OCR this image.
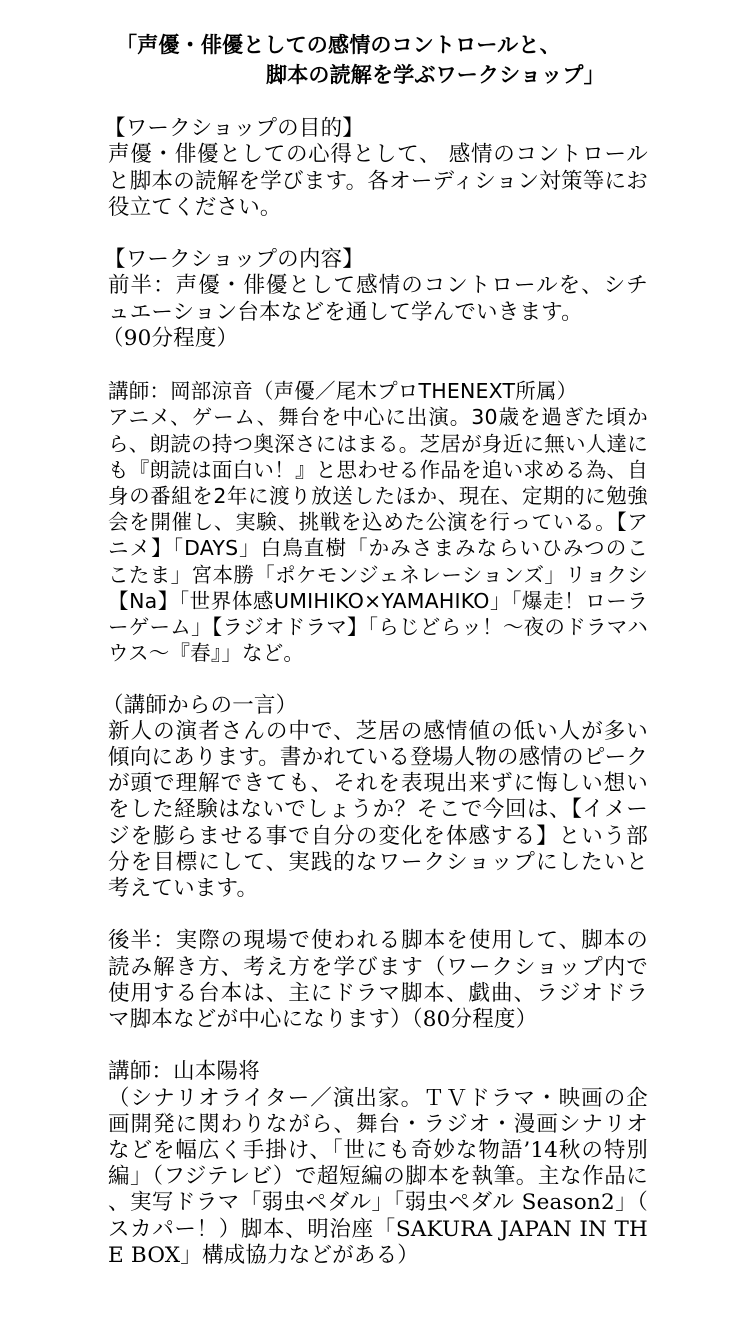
「声優・俳優としての感情のコントロールと、
脚本の読解を学ぶワークショップ」
【ワークショップの目的】

声優・俳優としての心得として、 感情のコントロールと脚本の読解を学びます。各オーディション対策等にお役立てください。

【ワークショップの内容】

前半：声優・俳優として感情のコントロールを、シチュエーション台本などを通して学んでいきます。

（90分程度）

講師：岡部涼音（声優／尾木プロTHENEXT所属）

アニメ、ゲーム、舞台を中心に出演。30歳を過ぎた頃から、朗読の持つ奥深さにはまる。芝居が身近に無い人達にも『朗読は面白い！』と思わせる作品を追い求める為、自身の番組を2年に渡り放送したほか、現在、定期的に勉強会を開催し、実験、挑戦を込めた公演を行っている。【アニメ】「DAYS」白鳥直樹「かみさまみならいひみつのここたま」宮本勝「ポケモンジェネレーションズ」リョクシ【Na】「世界体感UMIHIKO×YAMAHIKO」「爆走！ローラーゲーム」【ラジオドラマ】「らじどらッ！〜夜のドラマハウス〜『春』」など。

（講師からの一言）

新人の演者さんの中で、芝居の感情値の低い人が多い傾向にあります。書かれている登場人物の感情のピークが頭で理解できても、それを表現出来ずに悔しい想いをした経験はないでしょうか？そこで今回は、【イメージを膨らませる事で自分の変化を体感する】という部分を目標にして、実践的なワークショップにしたいと考えています。

後半：実際の現場で使われる脚本を使用して、脚本の読み解き方、考え方を学びます（ワークショップ内で使用する台本は、主にドラマ脚本、戯曲、ラジオドラマ脚本などが中心になります）（80分程度）

講師：山本陽将

（シナリオライター／演出家。ＴＶドラマ・映画の企画開発に関わりながら、舞台・ラジオ・漫画シナリオなどを幅広く手掛け、「世にも奇妙な物語’14秋の特別編」（フジテレビ）で超短編の脚本を執筆。主な作品に、実写ドラマ「弱虫ペダル」「弱虫ペダル Season2」（スカパー！）脚本、明治座「SAKURA JAPAN IN THE BOX」構成協力などがある）
